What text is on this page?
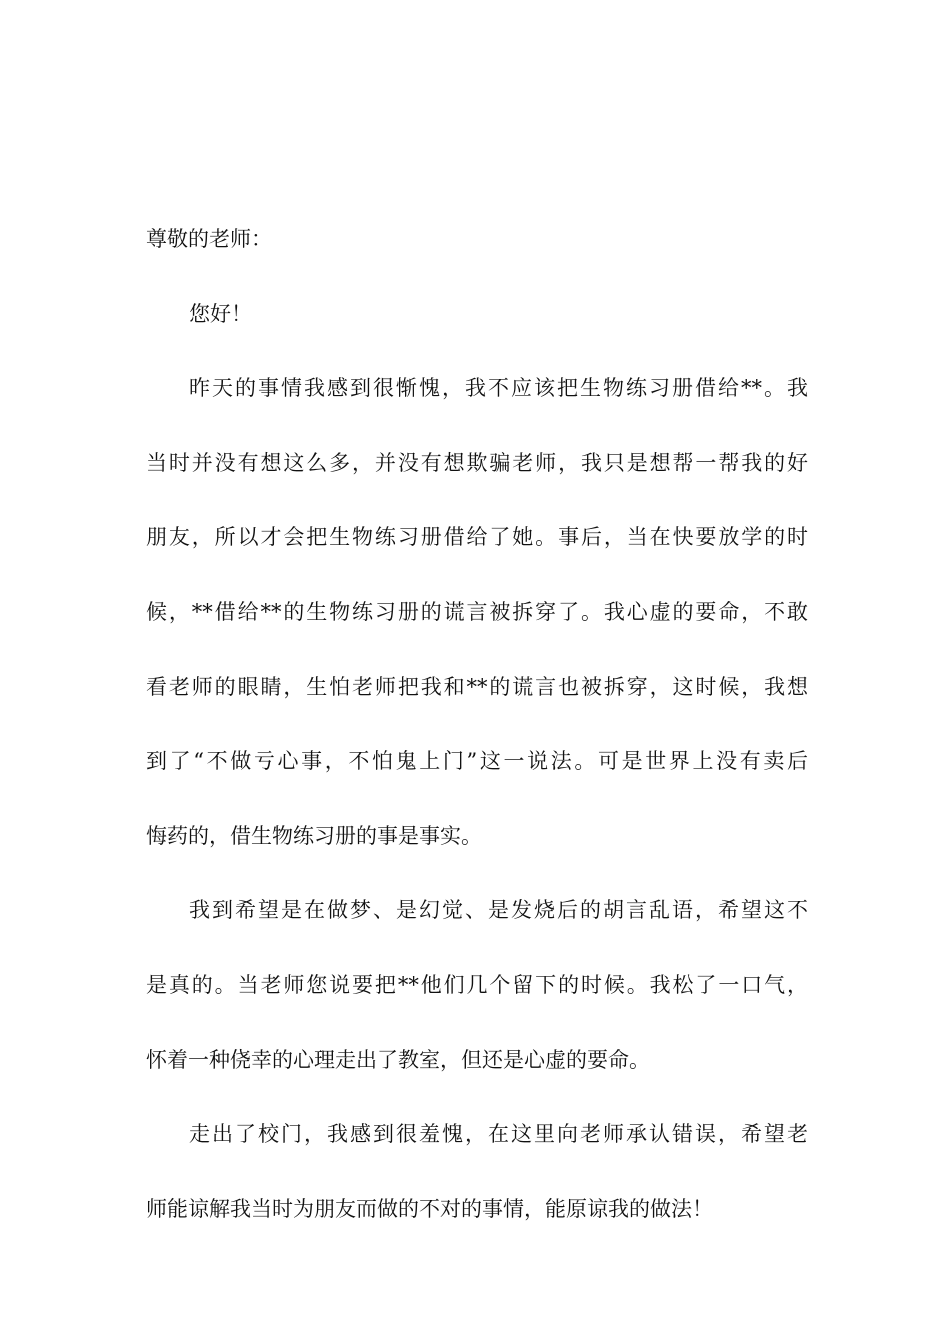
尊敬的老师：
您好！
昨天的事情我感到很惭愧，我不应该把生物练习册借给**。我
当时并没有想这么多，并没有想欺骗老师，我只是想帮一帮我的好
朋友，所以才会把生物练习册借给了她。事后，当在快要放学的时
候，**借给**的生物练习册的谎言被拆穿了。我心虚的要命，不敢
看老师的眼睛，生怕老师把我和**的谎言也被拆穿，这时候，我想
到了“不做亏心事，不怕鬼上门”这一说法。可是世界上没有卖后
悔药的，借生物练习册的事是事实。
我到希望是在做梦、是幻觉、是发烧后的胡言乱语，希望这不
是真的。当老师您说要把**他们几个留下的时候。我松了一口气，
怀着一种侥幸的心理走出了教室，但还是心虚的要命。
走出了校门，我感到很羞愧，在这里向老师承认错误，希望老
师能谅解我当时为朋友而做的不对的事情，能原谅我的做法！
